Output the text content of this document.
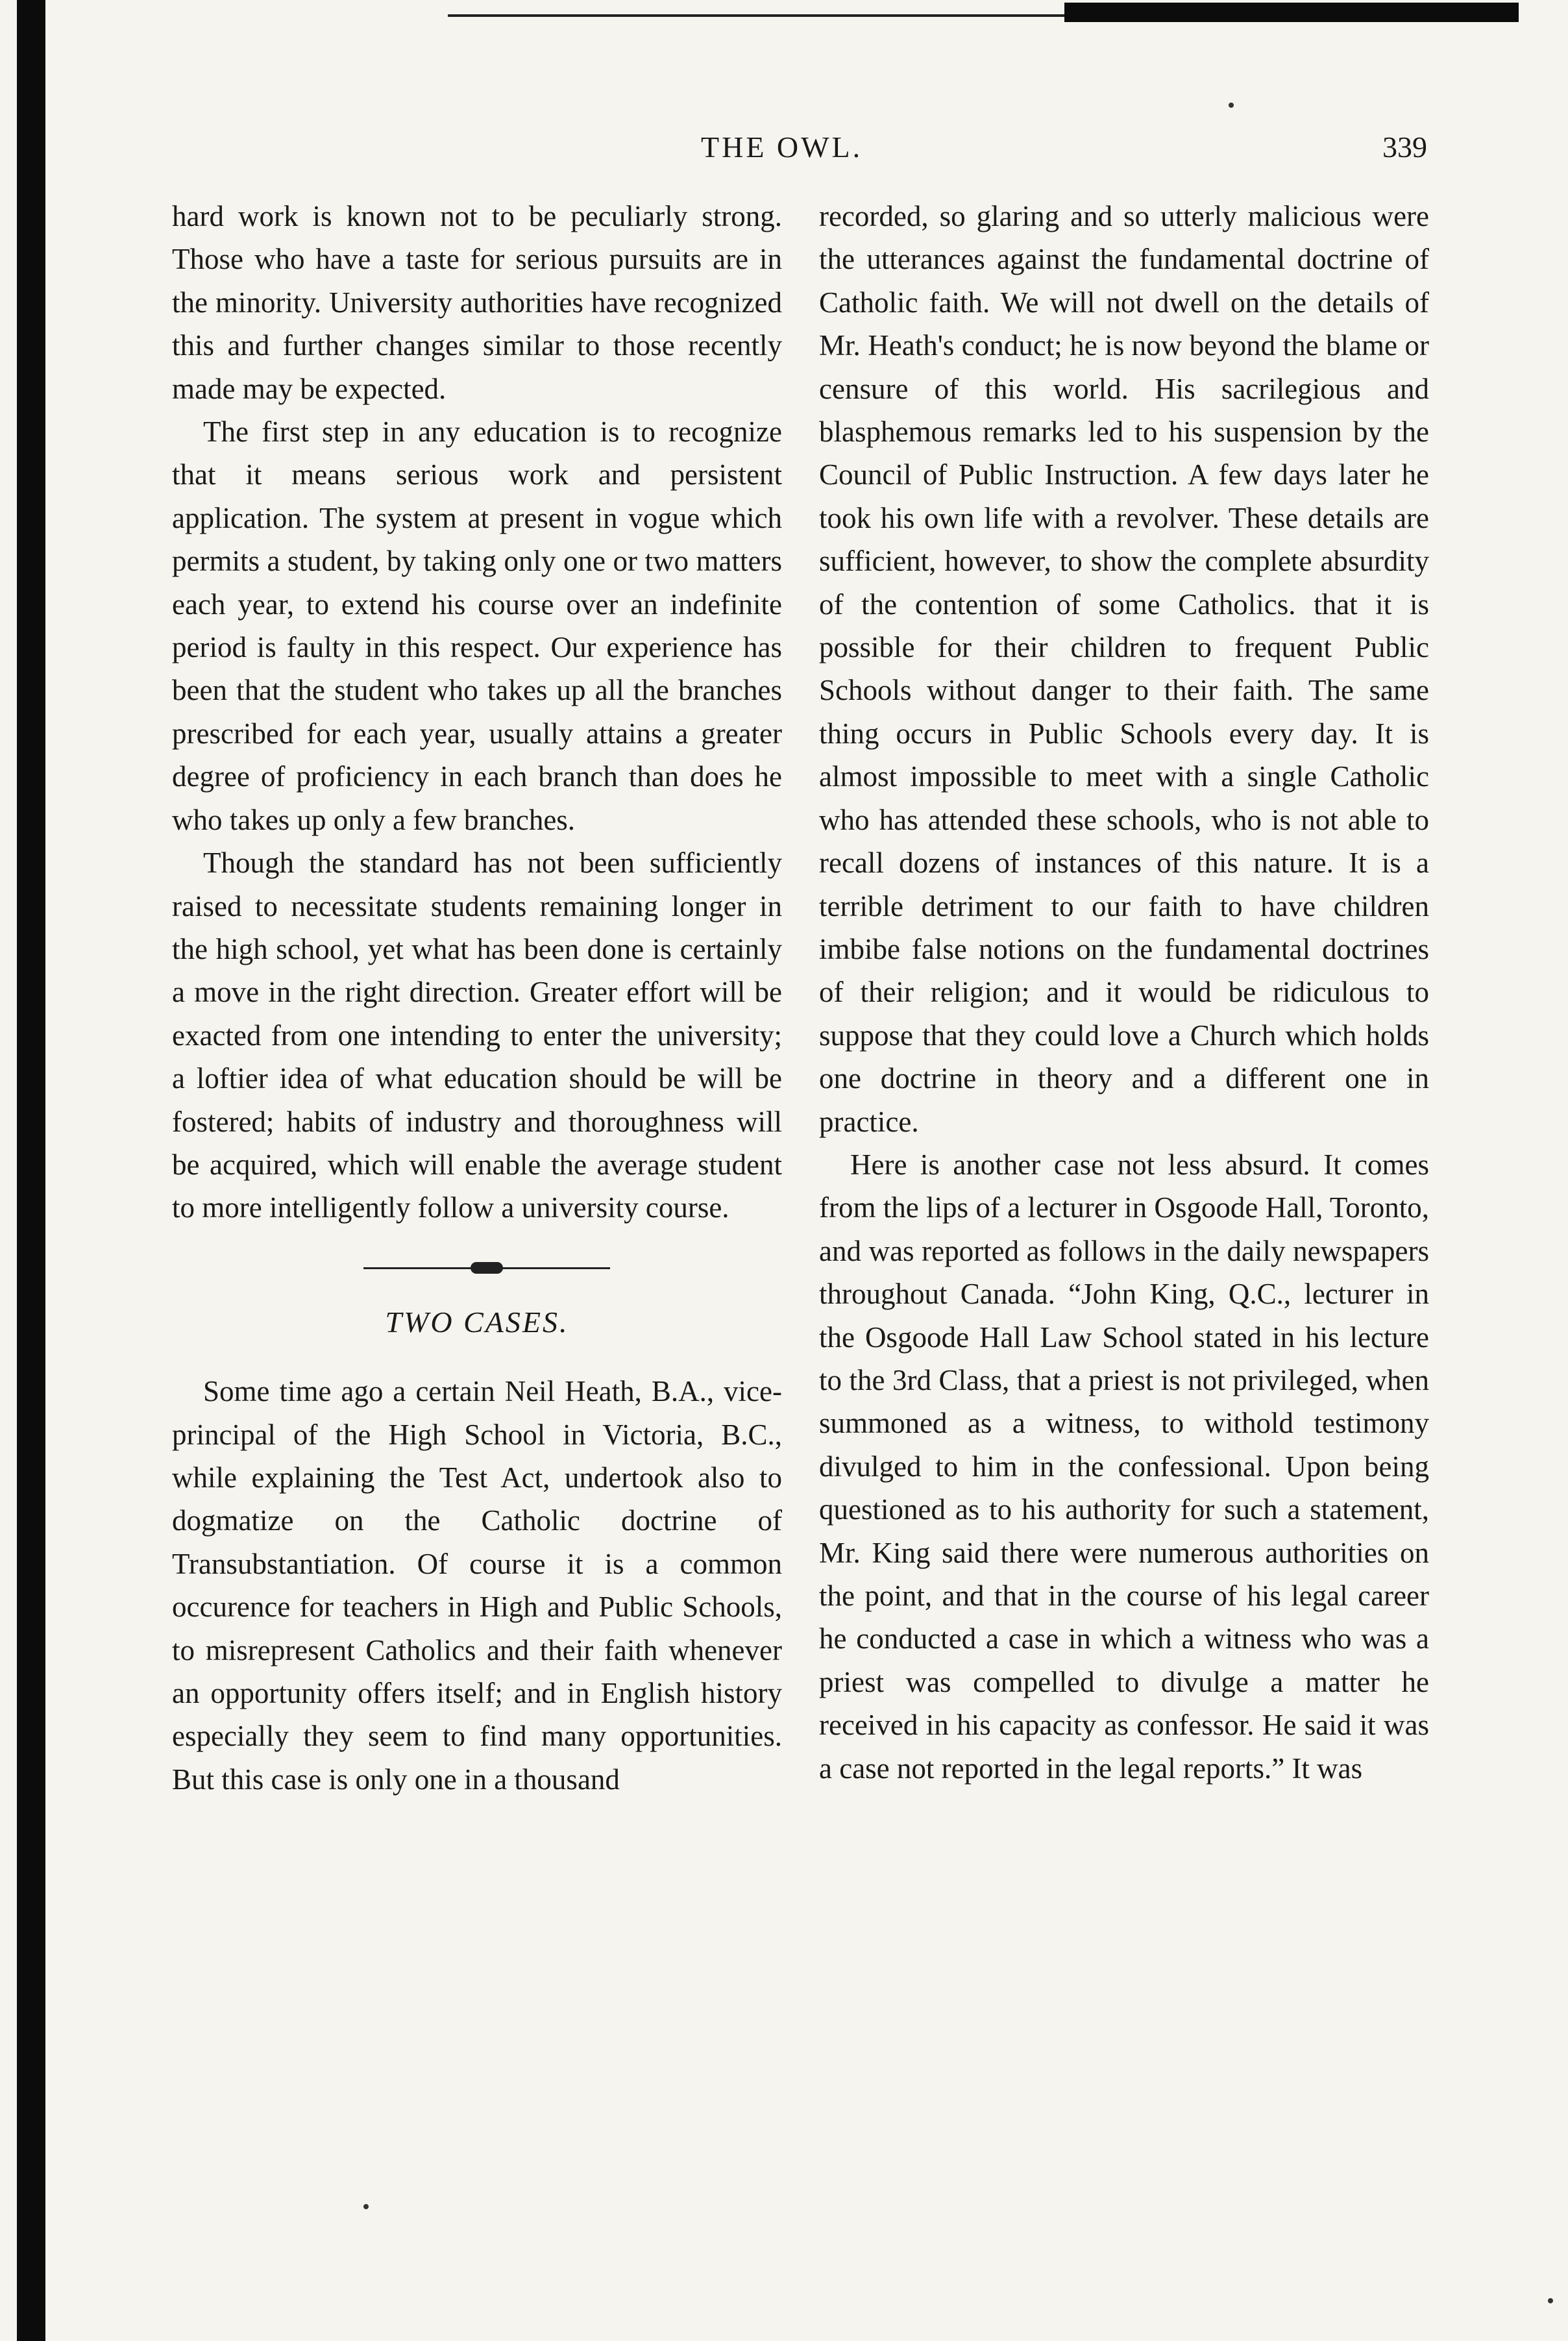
THE OWL.	339

hard work is known not to be peculiarly strong. Those who have a taste for serious pursuits are in the minority. University authorities have recognized this and further changes similar to those recently made may be expected.

The first step in any education is to recognize that it means serious work and persistent application. The system at present in vogue which permits a student, by taking only one or two matters each year, to extend his course over an indefinite period is faulty in this respect. Our experience has been that the student who takes up all the branches prescribed for each year, usually attains a greater degree of proficiency in each branch than does he who takes up only a few branches.

Though the standard has not been sufficiently raised to necessitate students remaining longer in the high school, yet what has been done is certainly a move in the right direction. Greater effort will be exacted from one intending to enter the university; a loftier idea of what education should be will be fostered; habits of industry and thoroughness will be acquired, which will enable the average student to more intelligently follow a university course.

TWO CASES.

Some time ago a certain Neil Heath, B.A., vice-principal of the High School in Victoria, B.C., while explaining the Test Act, undertook also to dogmatize on the Catholic doctrine of Transubstantiation. Of course it is a common occurence for teachers in High and Public Schools, to misrepresent Catholics and their faith whenever an opportunity offers itself; and in English history especially they seem to find many opportunities. But this case is only one in a thousand

recorded, so glaring and so utterly malicious were the utterances against the fundamental doctrine of Catholic faith. We will not dwell on the details of Mr. Heath's conduct; he is now beyond the blame or censure of this world. His sacrilegious and blasphemous remarks led to his suspension by the Council of Public Instruction. A few days later he took his own life with a revolver. These details are sufficient, however, to show the complete absurdity of the contention of some Catholics. that it is possible for their children to frequent Public Schools without danger to their faith. The same thing occurs in Public Schools every day. It is almost impossible to meet with a single Catholic who has attended these schools, who is not able to recall dozens of instances of this nature. It is a terrible detriment to our faith to have children imbibe false notions on the fundamental doctrines of their religion; and it would be ridiculous to suppose that they could love a Church which holds one doctrine in theory and a different one in practice.

Here is another case not less absurd. It comes from the lips of a lecturer in Osgoode Hall, Toronto, and was reported as follows in the daily newspapers throughout Canada. “John King, Q.C., lecturer in the Osgoode Hall Law School stated in his lecture to the 3rd Class, that a priest is not privileged, when summoned as a witness, to withold testimony divulged to him in the confessional. Upon being questioned as to his authority for such a statement, Mr. King said there were numerous authorities on the point, and that in the course of his legal career he conducted a case in which a witness who was a priest was compelled to divulge a matter he received in his capacity as confessor. He said it was a case not reported in the legal reports.” It was
